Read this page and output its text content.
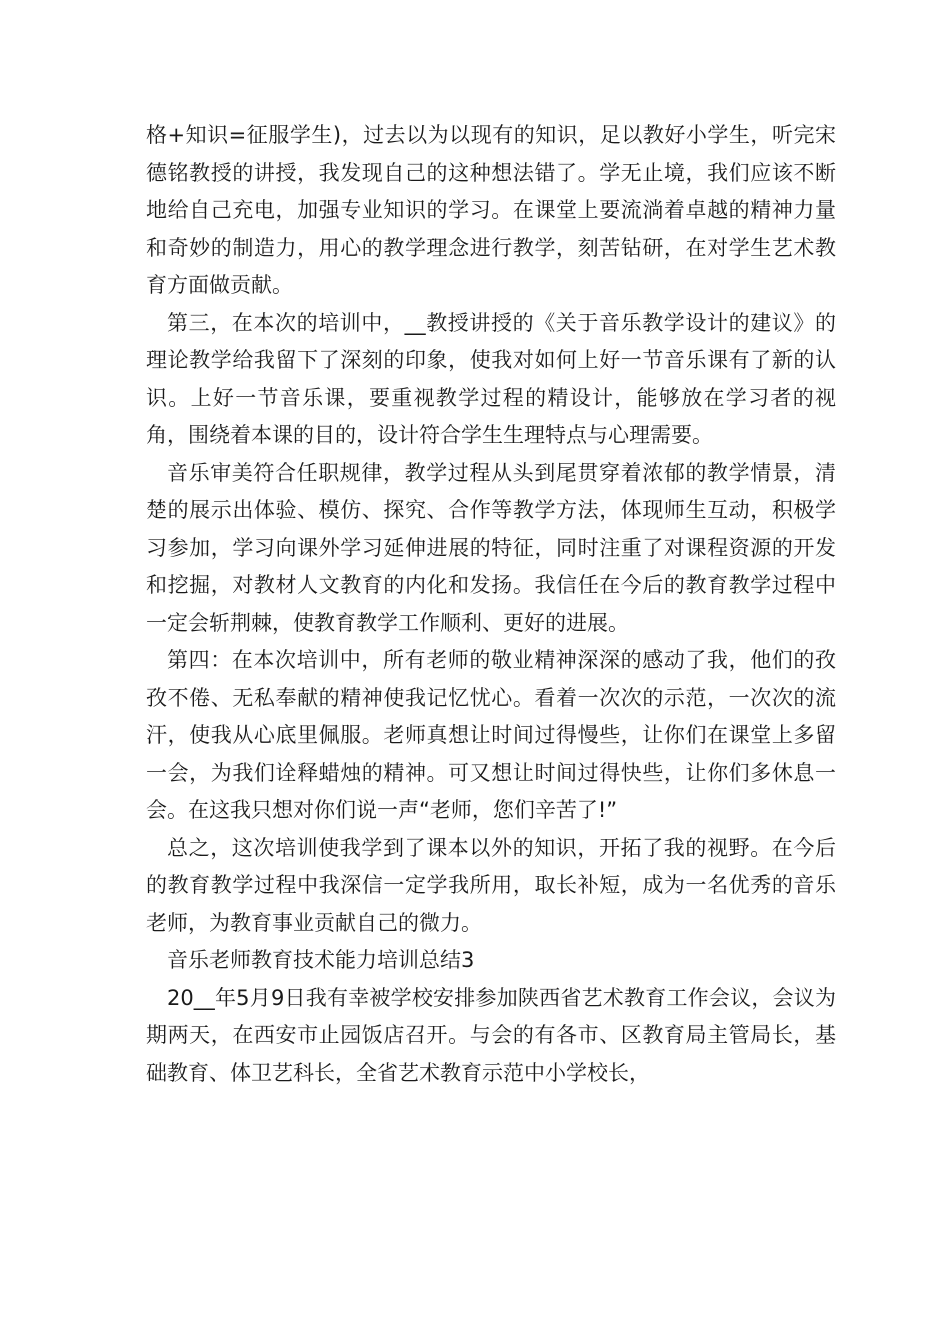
格+知识=征服学生)，过去以为以现有的知识，足以教好小学生，听完宋德铭教授的讲授，我发现自己的这种想法错了。学无止境，我们应该不断地给自己充电，加强专业知识的学习。在课堂上要流淌着卓越的精神力量和奇妙的制造力，用心的教学理念进行教学，刻苦钻研，在对学生艺术教育方面做贡献。

第三，在本次的培训中，__教授讲授的《关于音乐教学设计的建议》的理论教学给我留下了深刻的印象，使我对如何上好一节音乐课有了新的认识。上好一节音乐课，要重视教学过程的精设计，能够放在学习者的视角，围绕着本课的目的，设计符合学生生理特点与心理需要。

音乐审美符合任职规律，教学过程从头到尾贯穿着浓郁的教学情景，清楚的展示出体验、模仿、探究、合作等教学方法，体现师生互动，积极学习参加，学习向课外学习延伸进展的特征，同时注重了对课程资源的开发和挖掘，对教材人文教育的内化和发扬。我信任在今后的教育教学过程中一定会斩荆棘，使教育教学工作顺利、更好的进展。

第四：在本次培训中，所有老师的敬业精神深深的感动了我，他们的孜孜不倦、无私奉献的精神使我记忆忧心。看着一次次的示范，一次次的流汗，使我从心底里佩服。老师真想让时间过得慢些，让你们在课堂上多留一会，为我们诠释蜡烛的精神。可又想让时间过得快些，让你们多休息一会。在这我只想对你们说一声“老师，您们辛苦了!”

总之，这次培训使我学到了课本以外的知识，开拓了我的视野。在今后的教育教学过程中我深信一定学我所用，取长补短，成为一名优秀的音乐老师，为教育事业贡献自己的微力。

音乐老师教育技术能力培训总结3

20__年5月9日我有幸被学校安排参加陕西省艺术教育工作会议，会议为期两天，在西安市止园饭店召开。与会的有各市、区教育局主管局长，基础教育、体卫艺科长，全省艺术教育示范中小学校长，
